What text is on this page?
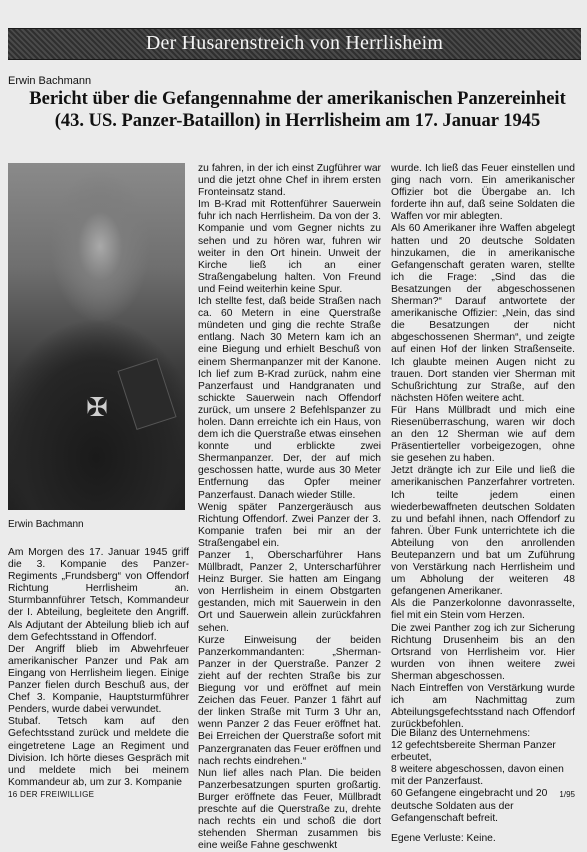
Der Husarenstreich von Herrlisheim
Erwin Bachmann
Bericht über die Gefangennahme der amerikanischen Panzereinheit (43. US. Panzer-Bataillon) in Herrlisheim am 17. Januar 1945
✠
Erwin Bachmann

Am Morgen des 17. Januar 1945 griff die 3. Kompanie des Panzer-Regiments „Frundsberg“ von Offendorf Richtung Herrlisheim an. Sturmbannführer Tetsch, Kommandeur der I. Abteilung, begleitete den Angriff. Als Adjutant der Abteilung blieb ich auf dem Gefechtsstand in Offendorf.

Der Angriff blieb im Abwehrfeuer amerikanischer Panzer und Pak am Eingang von Herrlisheim liegen. Einige Panzer fielen durch Beschuß aus, der Chef 3. Kompanie, Hauptsturmführer Penders, wurde dabei verwundet.

Stubaf. Tetsch kam auf den Gefechtsstand zurück und meldete die eingetretene Lage an Regiment und Division. Ich hörte dieses Gespräch mit und meldete mich bei meinem Kommandeur ab, um zur 3. Kompanie

zu fahren, in der ich einst Zugführer war und die jetzt ohne Chef in ihrem ersten Fronteinsatz stand.

Im B-Krad mit Rottenführer Sauerwein fuhr ich nach Herrlisheim. Da von der 3. Kompanie und vom Gegner nichts zu sehen und zu hören war, fuhren wir weiter in den Ort hinein. Unweit der Kirche ließ ich an einer Straßengabelung halten. Von Freund und Feind weiterhin keine Spur.

Ich stellte fest, daß beide Straßen nach ca. 60 Metern in eine Querstraße mündeten und ging die rechte Straße entlang. Nach 30 Metern kam ich an eine Biegung und erhielt Beschuß von einem Shermanpanzer mit der Kanone. Ich lief zum B-Krad zurück, nahm eine Panzerfaust und Handgranaten und schickte Sauerwein nach Offendorf zurück, um unsere 2 Befehlspanzer zu holen. Dann erreichte ich ein Haus, von dem ich die Querstraße etwas einsehen konnte und erblickte zwei Shermanpanzer. Der, der auf mich geschossen hatte, wurde aus 30 Meter Entfernung das Opfer meiner Panzerfaust. Danach wieder Stille.

Wenig später Panzergeräusch aus Richtung Offendorf. Zwei Panzer der 3. Kompanie trafen bei mir an der Straßengabel ein.

Panzer 1, Oberscharführer Hans Müllbradt, Panzer 2, Unterscharführer Heinz Burger. Sie hatten am Eingang von Herrlisheim in einem Obstgarten gestanden, mich mit Sauerwein in den Ort und Sauerwein allein zurückfahren sehen.

Kurze Einweisung der beiden Panzerkommandanten: „Sherman-Panzer in der Querstraße. Panzer 2 zieht auf der rechten Straße bis zur Biegung vor und eröffnet auf mein Zeichen das Feuer. Panzer 1 fährt auf der linken Straße mit Turm 3 Uhr an, wenn Panzer 2 das Feuer eröffnet hat. Bei Erreichen der Querstraße sofort mit Panzergranaten das Feuer eröffnen und nach rechts eindrehen.“

Nun lief alles nach Plan. Die beiden Panzerbesatzungen spurten großartig. Burger eröffnete das Feuer, Müllbradt preschte auf die Querstraße zu, drehte nach rechts ein und schoß die dort stehenden Sherman zusammen bis eine weiße Fahne geschwenkt

wurde. Ich ließ das Feuer einstellen und ging nach vorn. Ein amerikanischer Offizier bot die Übergabe an. Ich forderte ihn auf, daß seine Soldaten die Waffen vor mir ablegten.

Als 60 Amerikaner ihre Waffen abgelegt hatten und 20 deutsche Soldaten hinzukamen, die in amerikanische Gefangenschaft geraten waren, stellte ich die Frage: „Sind das die Besatzungen der abgeschossenen Sherman?“ Darauf antwortete der amerikanische Offizier: „Nein, das sind die Besatzungen der nicht abgeschossenen Sherman“, und zeigte auf einen Hof der linken Straßenseite. Ich glaubte meinen Augen nicht zu trauen. Dort standen vier Sherman mit Schußrichtung zur Straße, auf den nächsten Höfen weitere acht.

Für Hans Müllbradt und mich eine Riesenüberraschung, waren wir doch an den 12 Sherman wie auf dem Präsentierteller vorbeigezogen, ohne sie gesehen zu haben.

Jetzt drängte ich zur Eile und ließ die amerikanischen Panzerfahrer vortreten. Ich teilte jedem einen wiederbewaffneten deutschen Soldaten zu und befahl ihnen, nach Offendorf zu fahren. Über Funk unterrichtete ich die Abteilung von den anrollenden Beutepanzern und bat um Zuführung von Verstärkung nach Herrlisheim und um Abholung der weiteren 48 gefangenen Amerikaner.

Als die Panzerkolonne davonrasselte, fiel mit ein Stein vom Herzen.

Die zwei Panther zog ich zur Sicherung Richtung Drusenheim bis an den Ortsrand von Herrlisheim vor. Hier wurden von ihnen weitere zwei Sherman abgeschossen.

Nach Eintreffen von Verstärkung wurde ich am Nachmittag zum Abteilungsgefechtsstand nach Offendorf zurückbefohlen.

Die Bilanz des Unternehmens:

12 gefechtsbereite Sherman Panzer erbeutet,

8 weitere abgeschossen, davon einen mit der Panzerfaust.

60 Gefangene eingebracht und 20 deutsche Soldaten aus der Gefangenschaft befreit.

Egene Verluste: Keine.

16 DER FREIWILLIGE	1/95
